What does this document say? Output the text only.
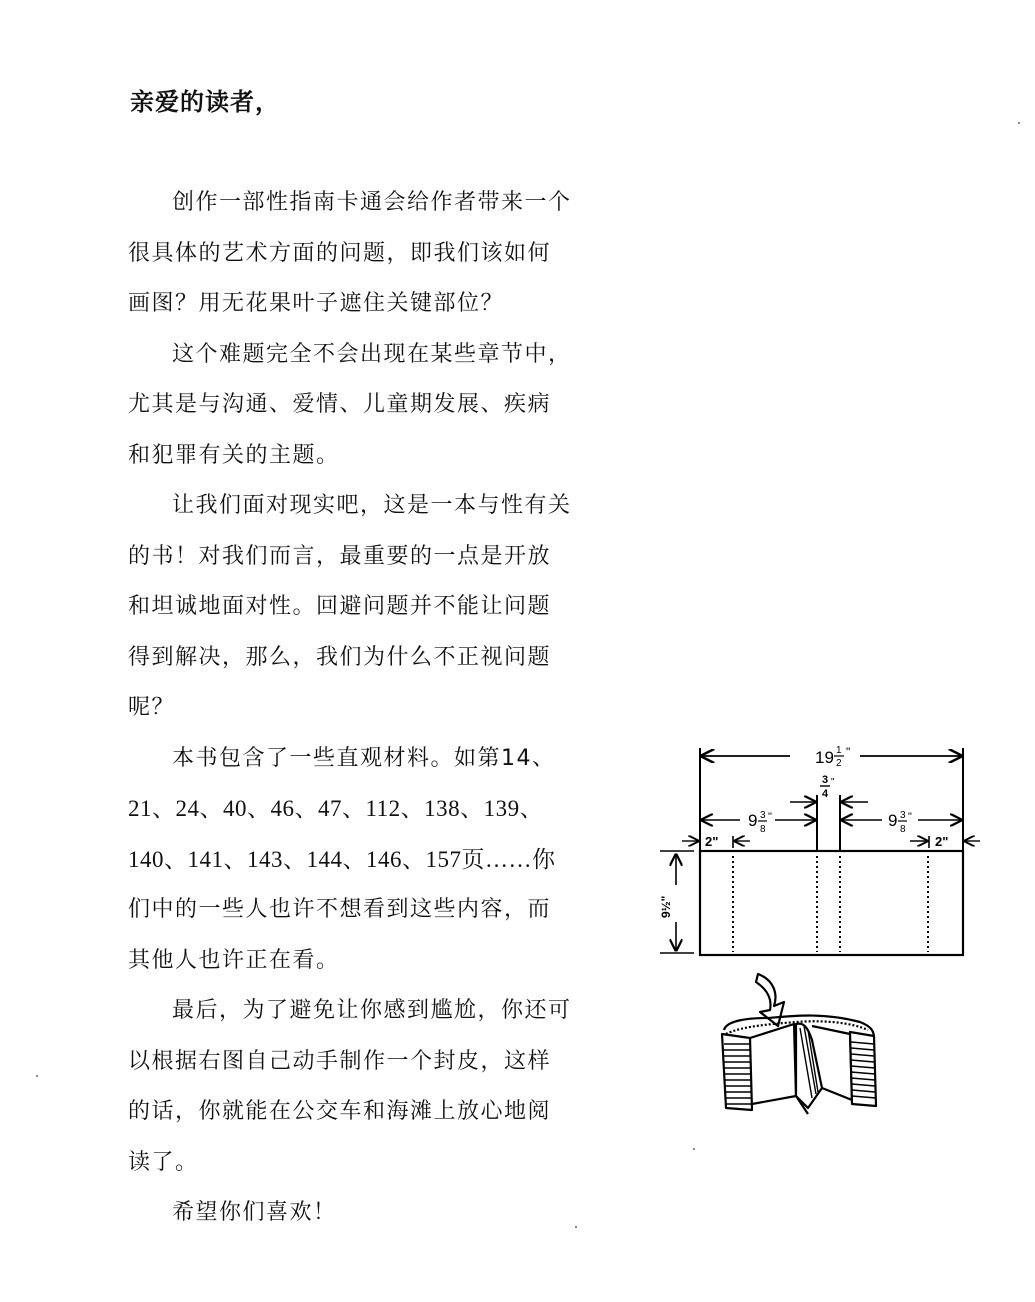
亲爱的读者，

创作一部性指南卡通会给作者带来一个
很具体的艺术方面的问题，即我们该如何
画图？用无花果叶子遮住关键部位？

这个难题完全不会出现在某些章节中，
尤其是与沟通、爱情、儿童期发展、疾病
和犯罪有关的主题。

让我们面对现实吧，这是一本与性有关
的书！对我们而言，最重要的一点是开放
和坦诚地面对性。回避问题并不能让问题
得到解决，那么，我们为什么不正视问题
呢？

本书包含了一些直观材料。如第14、
21、24、40、46、47、112、138、139、
140、141、143、144、146、157页……你
们中的一些人也许不想看到这些内容，而
其他人也许正在看。

最后，为了避免让你感到尴尬，你还可
以根据右图自己动手制作一个封皮，这样
的话，你就能在公交车和海滩上放心地阅
读了。

希望你们喜欢！

19 1
2
"
3
4
"
9 3
8
"	9 3
8
"
2"	2"
9½"
